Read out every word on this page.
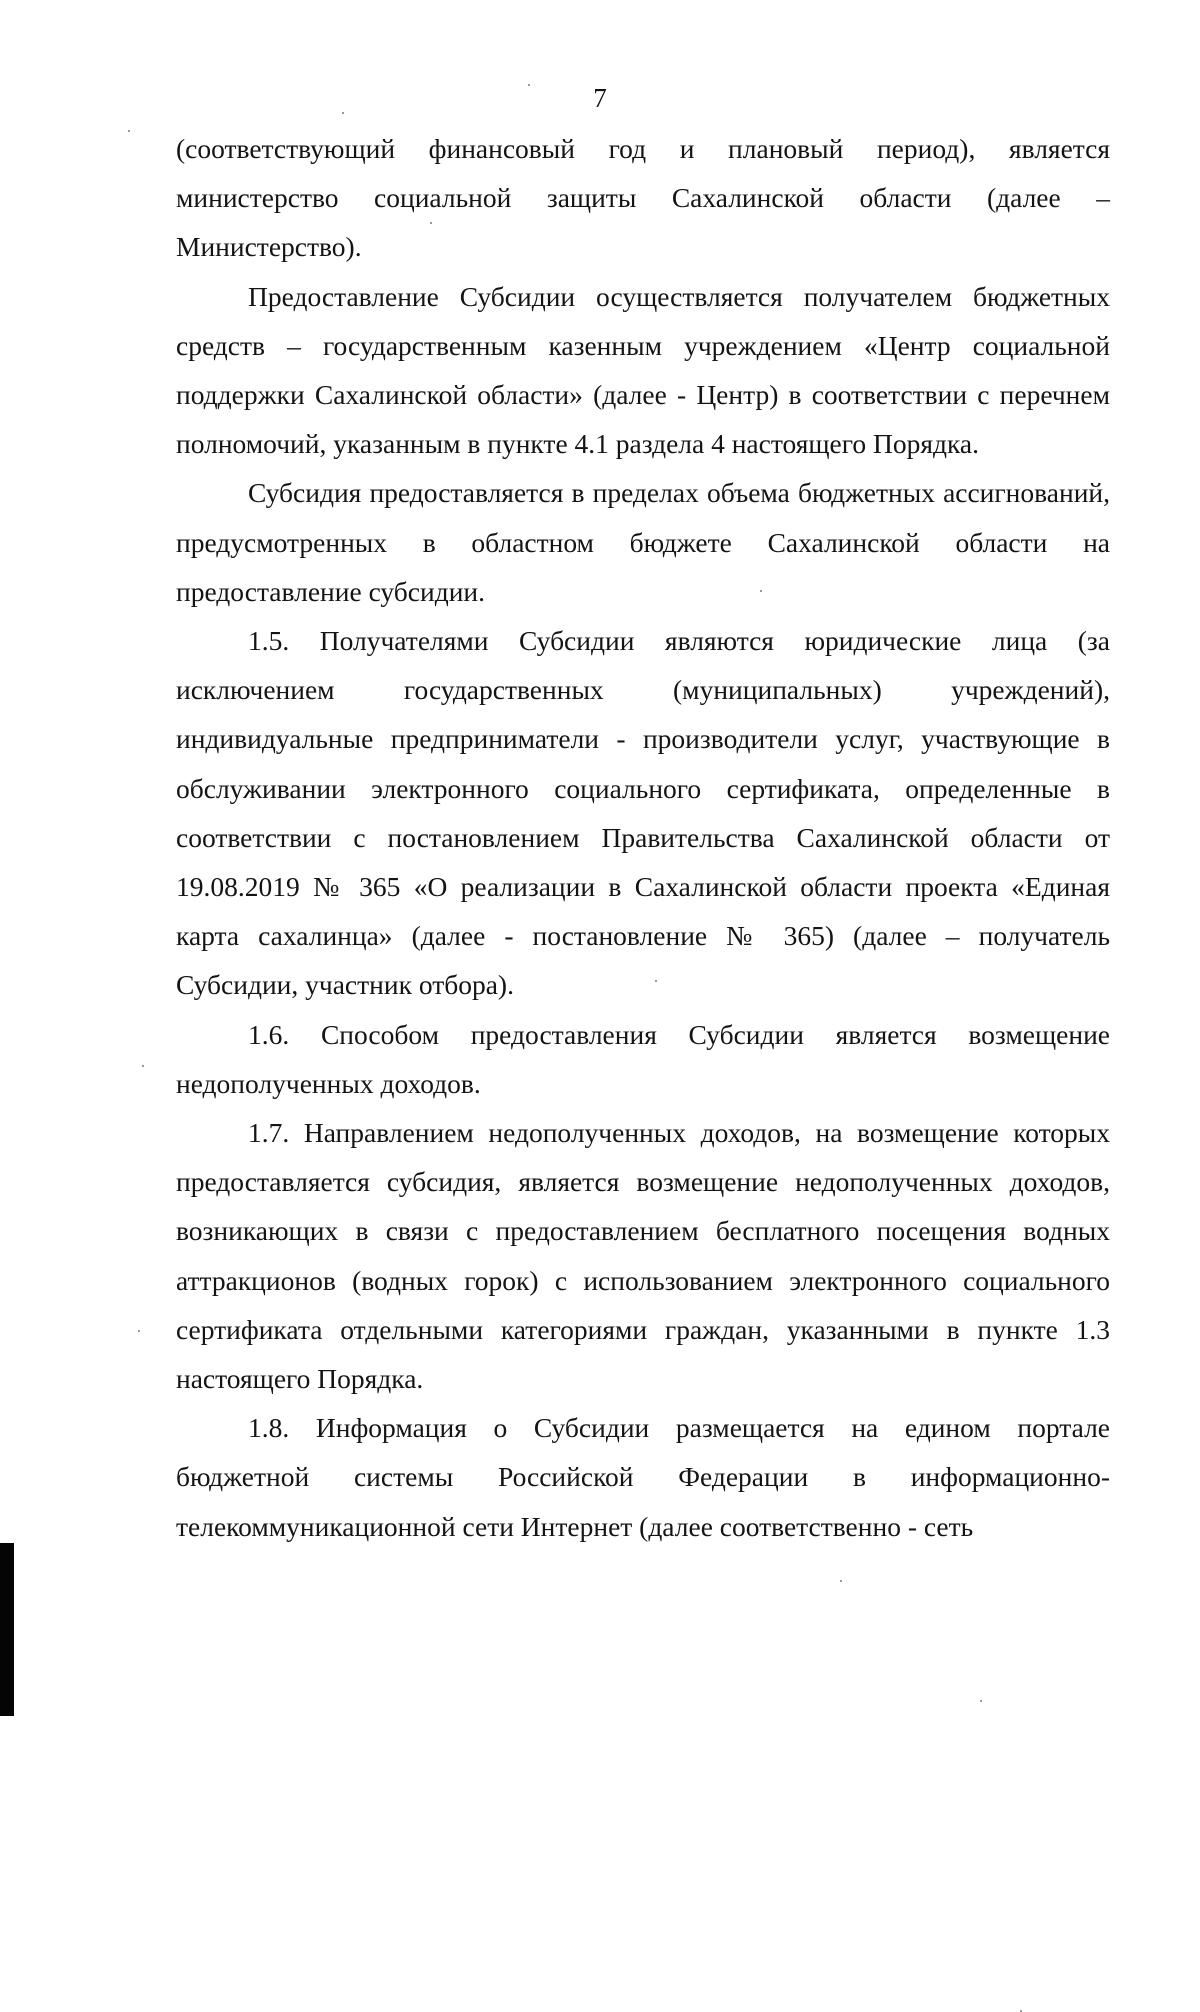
7

(соответствующий финансовый год и плановый период), является министерство социальной защиты Сахалинской области (далее – Министерство).

Предоставление Субсидии осуществляется получателем бюджетных средств – государственным казенным учреждением «Центр социальной поддержки Сахалинской области» (далее - Центр) в соответствии с перечнем полномочий, указанным в пункте 4.1 раздела 4 настоящего Порядка.

Субсидия предоставляется в пределах объема бюджетных ассигнований, предусмотренных в областном бюджете Сахалинской области на предоставление субсидии.

1.5. Получателями Субсидии являются юридические лица (за исключением государственных (муниципальных) учреждений), индивидуальные предприниматели - производители услуг, участвующие в обслуживании электронного социального сертификата, определенные в соответствии с постановлением Правительства Сахалинской области от 19.08.2019 № 365 «О реализации в Сахалинской области проекта «Единая карта сахалинца» (далее - постановление № 365) (далее – получатель Субсидии, участник отбора).

1.6. Способом предоставления Субсидии является возмещение недополученных доходов.

1.7. Направлением недополученных доходов, на возмещение которых предоставляется субсидия, является возмещение недополученных доходов, возникающих в связи с предоставлением бесплатного посещения водных аттракционов (водных горок) с использованием электронного социального сертификата отдельными категориями граждан, указанными в пункте 1.3 настоящего Порядка.

1.8. Информация о Субсидии размещается на едином портале бюджетной системы Российской Федерации в информационно-телекоммуникационной сети Интернет (далее соответственно - сеть
